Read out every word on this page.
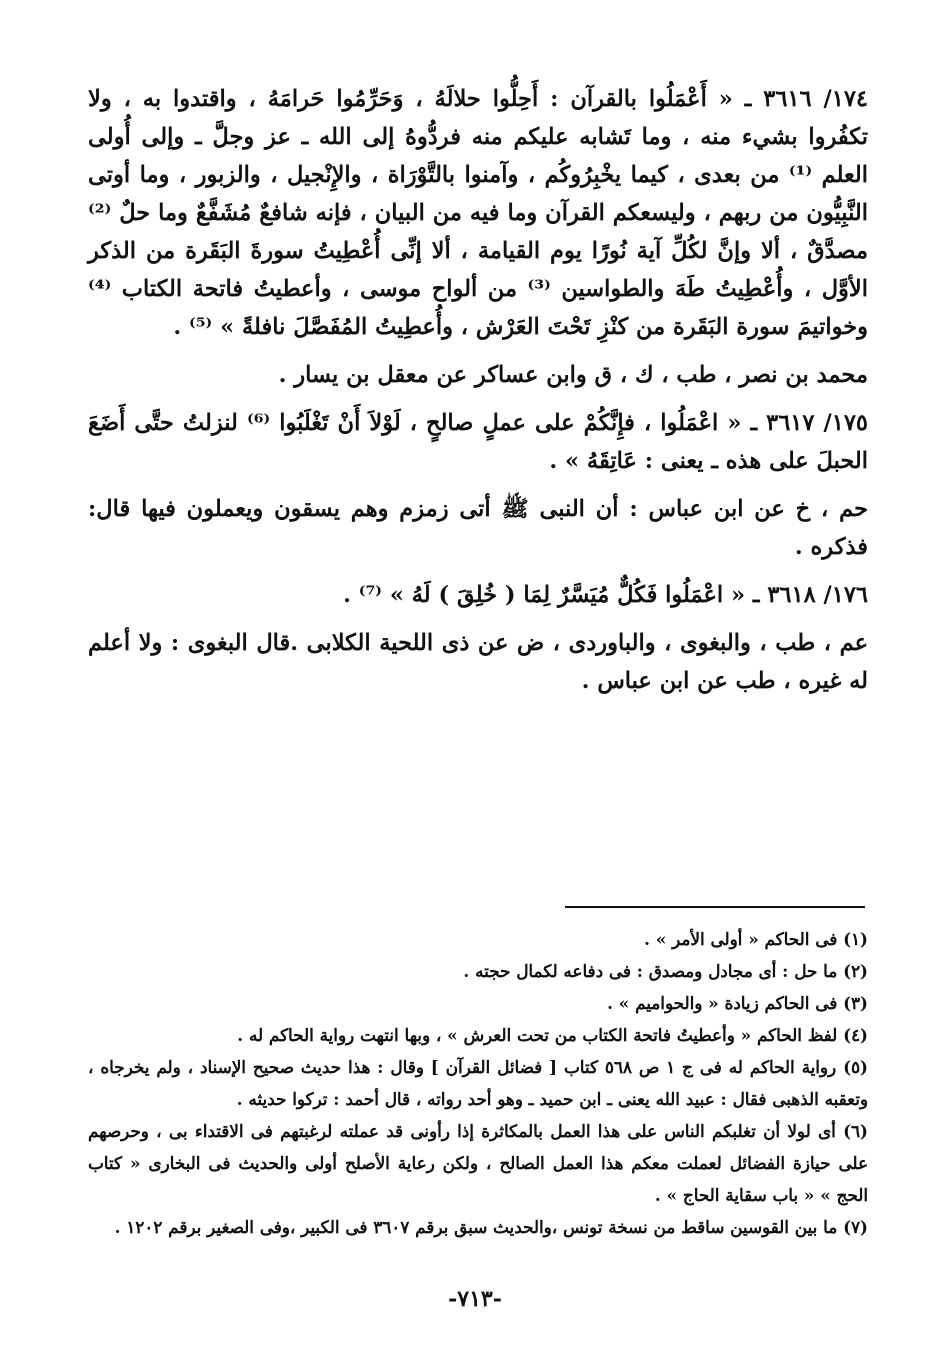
١٧٤/ ٣٦١٦ ـ « أَعْمَلُوا بالقرآن : أَحِلُّوا حلالَهُ ، وَحَرِّمُوا حَرامَهُ ، واقتدوا به ، ولا تكفُروا بشيء منه ، وما تَشابه عليكم منه فردُّوهُ إلى الله ـ عز وجلَّ ـ وإلى أُولى العلم ⁽¹⁾ من بعدى ، كيما يخْبِرُوكُم ، وآمنوا بالتَّوْرَاة ، والإِنْجيل ، والزبور ، وما أوتى النَّبِيُّون من ربهم ، وليسعكم القرآن وما فيه من البيان ، فإنه شافعٌ مُشَفَّعٌ وما حلٌ ⁽²⁾ مصدَّقٌ ، ألا وإنَّ لكُلِّ آية نُورًا يوم القيامة ، ألا إنِّى أُعْطِيتُ سورةَ البَقَرة من الذكر الأوَّل ، وأُعْطِيتُ طَهَ والطواسين ⁽³⁾ من ألواح موسى ، وأعطيتُ فاتحة الكتاب ⁽⁴⁾ وخواتيمَ سورة البَقَرة من كنْزِ تَحْتَ العَرْش ، وأُعطِيتُ المُفَصَّلَ نافلةً » ⁽⁵⁾ .

محمد بن نصر ، طب ، ك ، ق وابن عساكر عن معقل بن يسار .

١٧٥/ ٣٦١٧ ـ « اعْمَلُوا ، فإِنَّكُمْ على عملٍ صالحٍ ، لَوْلاَ أَنْ تَغْلَبُوا ⁽⁶⁾ لنزلتُ حتَّى أَضَعَ الحبلَ على هذه ـ يعنى : عَاتِقَهُ » .

حم ، خ عن ابن عباس : أن النبى ﷺ أتى زمزم وهم يسقون ويعملون فيها قال: فذكره .

١٧٦/ ٣٦١٨ ـ « اعْمَلُوا فَكُلٌّ مُيَسَّرٌ لِمَا ( خُلِقَ ) لَهُ » ⁽⁷⁾ .

عم ، طب ، والبغوى ، والباوردى ، ض عن ذى اللحية الكلابى .قال البغوى : ولا أعلم له غيره ، طب عن ابن عباس .

(١) فى الحاكم « أولى الأمر » .

(٢) ما حل : أى مجادل ومصدق : فى دفاعه لكمال حجته .

(٣) فى الحاكم زيادة « والحواميم » .

(٤) لفظ الحاكم « وأعطيتُ فاتحة الكتاب من تحت العرش » ، وبها انتهت رواية الحاكم له .

(٥) رواية الحاكم له فى ج ١ ص ٥٦٨ كتاب [ فضائل القرآن ] وقال : هذا حديث صحيح الإسناد ، ولم يخرجاه ، وتعقبه الذهبى فقال : عبيد الله يعنى ـ ابن حميد ـ وهو أحد رواته ، قال أحمد : تركوا حديثه .

(٦) أى لولا أن تغلبكم الناس على هذا العمل بالمكاثرة إذا رأونى قد عملته لرغبتهم فى الاقتداء بى ، وحرصهم على حيازة الفضائل لعملت معكم هذا العمل الصالح ، ولكن رعاية الأصلح أولى والحديث فى البخارى « كتاب الحج » « باب سقاية الحاج » .

(٧) ما بين القوسين ساقط من نسخة تونس ،والحديث سبق برقم ٣٦٠٧ فى الكبير ،وفى الصغير برقم ١٢٠٢ .

-٧١٣-
